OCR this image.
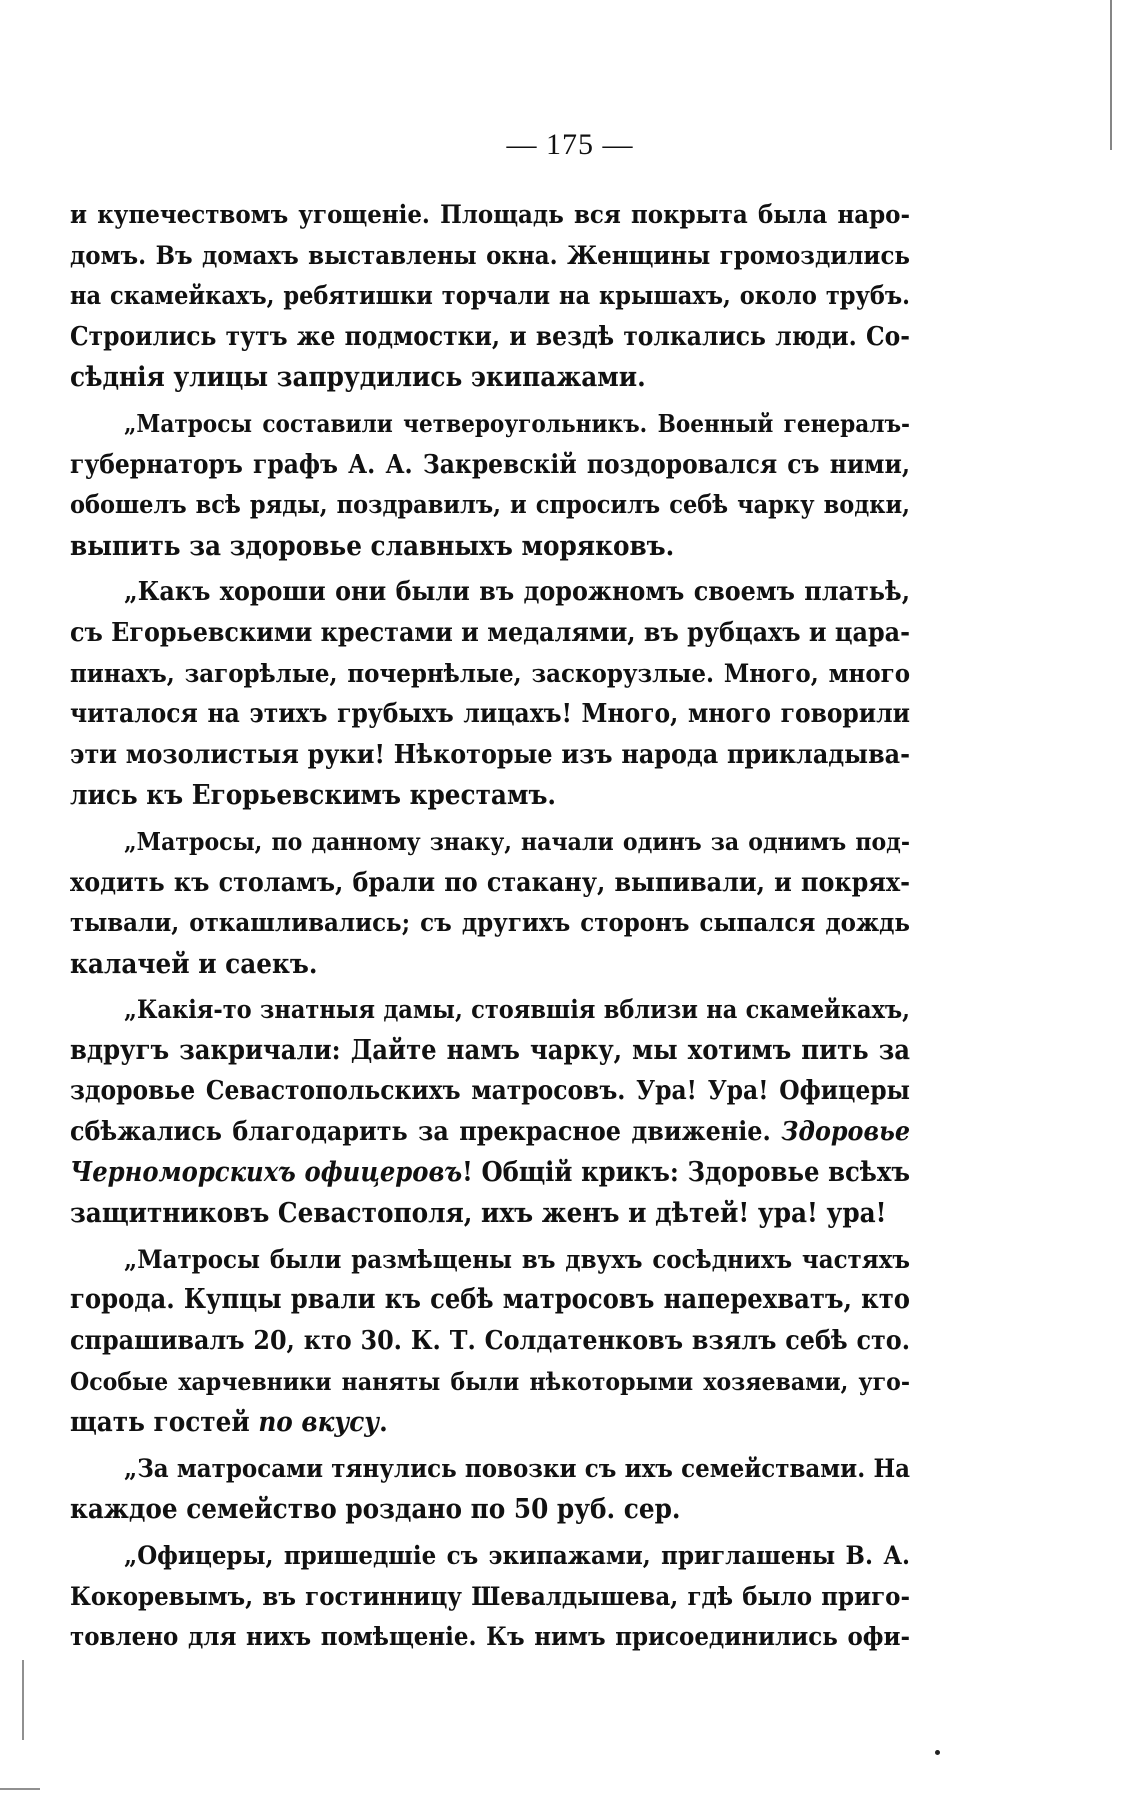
— 175 —

и купечествомъ угощеніе. Площадь вся покрыта была наро-
домъ. Въ домахъ выставлены окна. Женщины громоздились
на скамейкахъ, ребятишки торчали на крышахъ, около трубъ.
Строились тутъ же подмостки, и вездѣ толкались люди. Со-
сѣднія улицы запрудились экипажами.

„Матросы составили четвероугольникъ. Военный генералъ-
губернаторъ графъ А. А. Закревскій поздоровался съ ними,
обошелъ всѣ ряды, поздравилъ, и спросилъ себѣ чарку водки,
выпить за здоровье славныхъ моряковъ.

„Какъ хороши они были въ дорожномъ своемъ платьѣ,
съ Егорьевскими крестами и медалями, въ рубцахъ и цара-
пинахъ, загорѣлые, почернѣлые, заскорузлые. Много, много
читалося на этихъ грубыхъ лицахъ! Много, много говорили
эти мозолистыя руки! Нѣкоторые изъ народа прикладыва-
лись къ Егорьевскимъ крестамъ.

„Матросы, по данному знаку, начали одинъ за однимъ под-
ходить къ столамъ, брали по стакану, выпивали, и покрях-
тывали, откашливались; съ другихъ сторонъ сыпался дождь
калачей и саекъ.

„Какія-то знатныя дамы, стоявшія вблизи на скамейкахъ,
вдругъ закричали: Дайте намъ чарку, мы хотимъ пить за
здоровье Севастопольскихъ матросовъ. Ура! Ура! Офицеры
сбѣжались благодарить за прекрасное движеніе. Здоровье
Черноморскихъ офицеровъ! Общій крикъ: Здоровье всѣхъ
защитниковъ Севастополя, ихъ женъ и дѣтей! ура! ура!

„Матросы были размѣщены въ двухъ сосѣднихъ частяхъ
города. Купцы рвали къ себѣ матросовъ наперехватъ, кто
спрашивалъ 20, кто 30. К. Т. Солдатенковъ взялъ себѣ сто.
Особые харчевники наняты были нѣкоторыми хозяевами, уго-
щать гостей по вкусу.

„За матросами тянулись повозки съ ихъ семействами. На
каждое семейство роздано по 50 руб. сер.

„Офицеры, пришедшіе съ экипажами, приглашены В. А.
Кокоревымъ, въ гостинницу Шевалдышева, гдѣ было приго-
товлено для нихъ помѣщеніе. Къ нимъ присоединились офи-
